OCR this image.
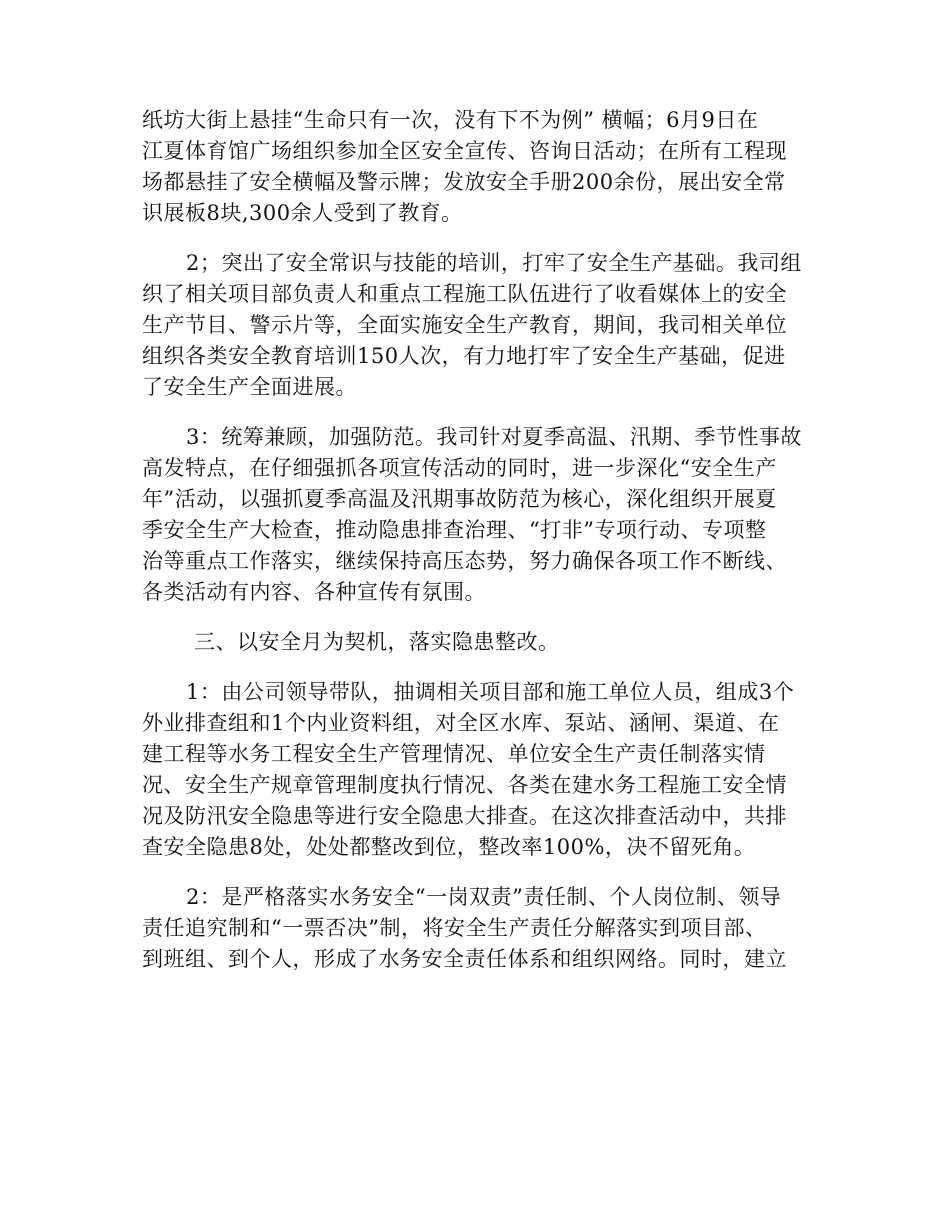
纸坊大街上悬挂“生命只有一次，没有下不为例” 横幅；6月9日在
江夏体育馆广场组织参加全区安全宣传、咨询日活动；在所有工程现
场都悬挂了安全横幅及警示牌；发放安全手册200余份，展出安全常
识展板8块,300余人受到了教育。
2；突出了安全常识与技能的培训，打牢了安全生产基础。我司组
织了相关项目部负责人和重点工程施工队伍进行了收看媒体上的安全
生产节目、警示片等，全面实施安全生产教育，期间，我司相关单位
组织各类安全教育培训150人次，有力地打牢了安全生产基础，促进
了安全生产全面进展。
3：统筹兼顾，加强防范。我司针对夏季高温、汛期、季节性事故
高发特点，在仔细强抓各项宣传活动的同时，进一步深化“安全生产
年”活动，以强抓夏季高温及汛期事故防范为核心，深化组织开展夏
季安全生产大检查，推动隐患排查治理、“打非”专项行动、专项整
治等重点工作落实，继续保持高压态势，努力确保各项工作不断线、
各类活动有内容、各种宣传有氛围。
三、以安全月为契机，落实隐患整改。
1：由公司领导带队，抽调相关项目部和施工单位人员，组成3个
外业排查组和1个内业资料组，对全区水库、泵站、涵闸、渠道、在
建工程等水务工程安全生产管理情况、单位安全生产责任制落实情
况、安全生产规章管理制度执行情况、各类在建水务工程施工安全情
况及防汛安全隐患等进行安全隐患大排查。在这次排查活动中，共排
查安全隐患8处，处处都整改到位，整改率100%，决不留死角。
2：是严格落实水务安全“一岗双责”责任制、个人岗位制、领导
责任追究制和“一票否决”制，将安全生产责任分解落实到项目部、
到班组、到个人，形成了水务安全责任体系和组织网络。同时，建立
